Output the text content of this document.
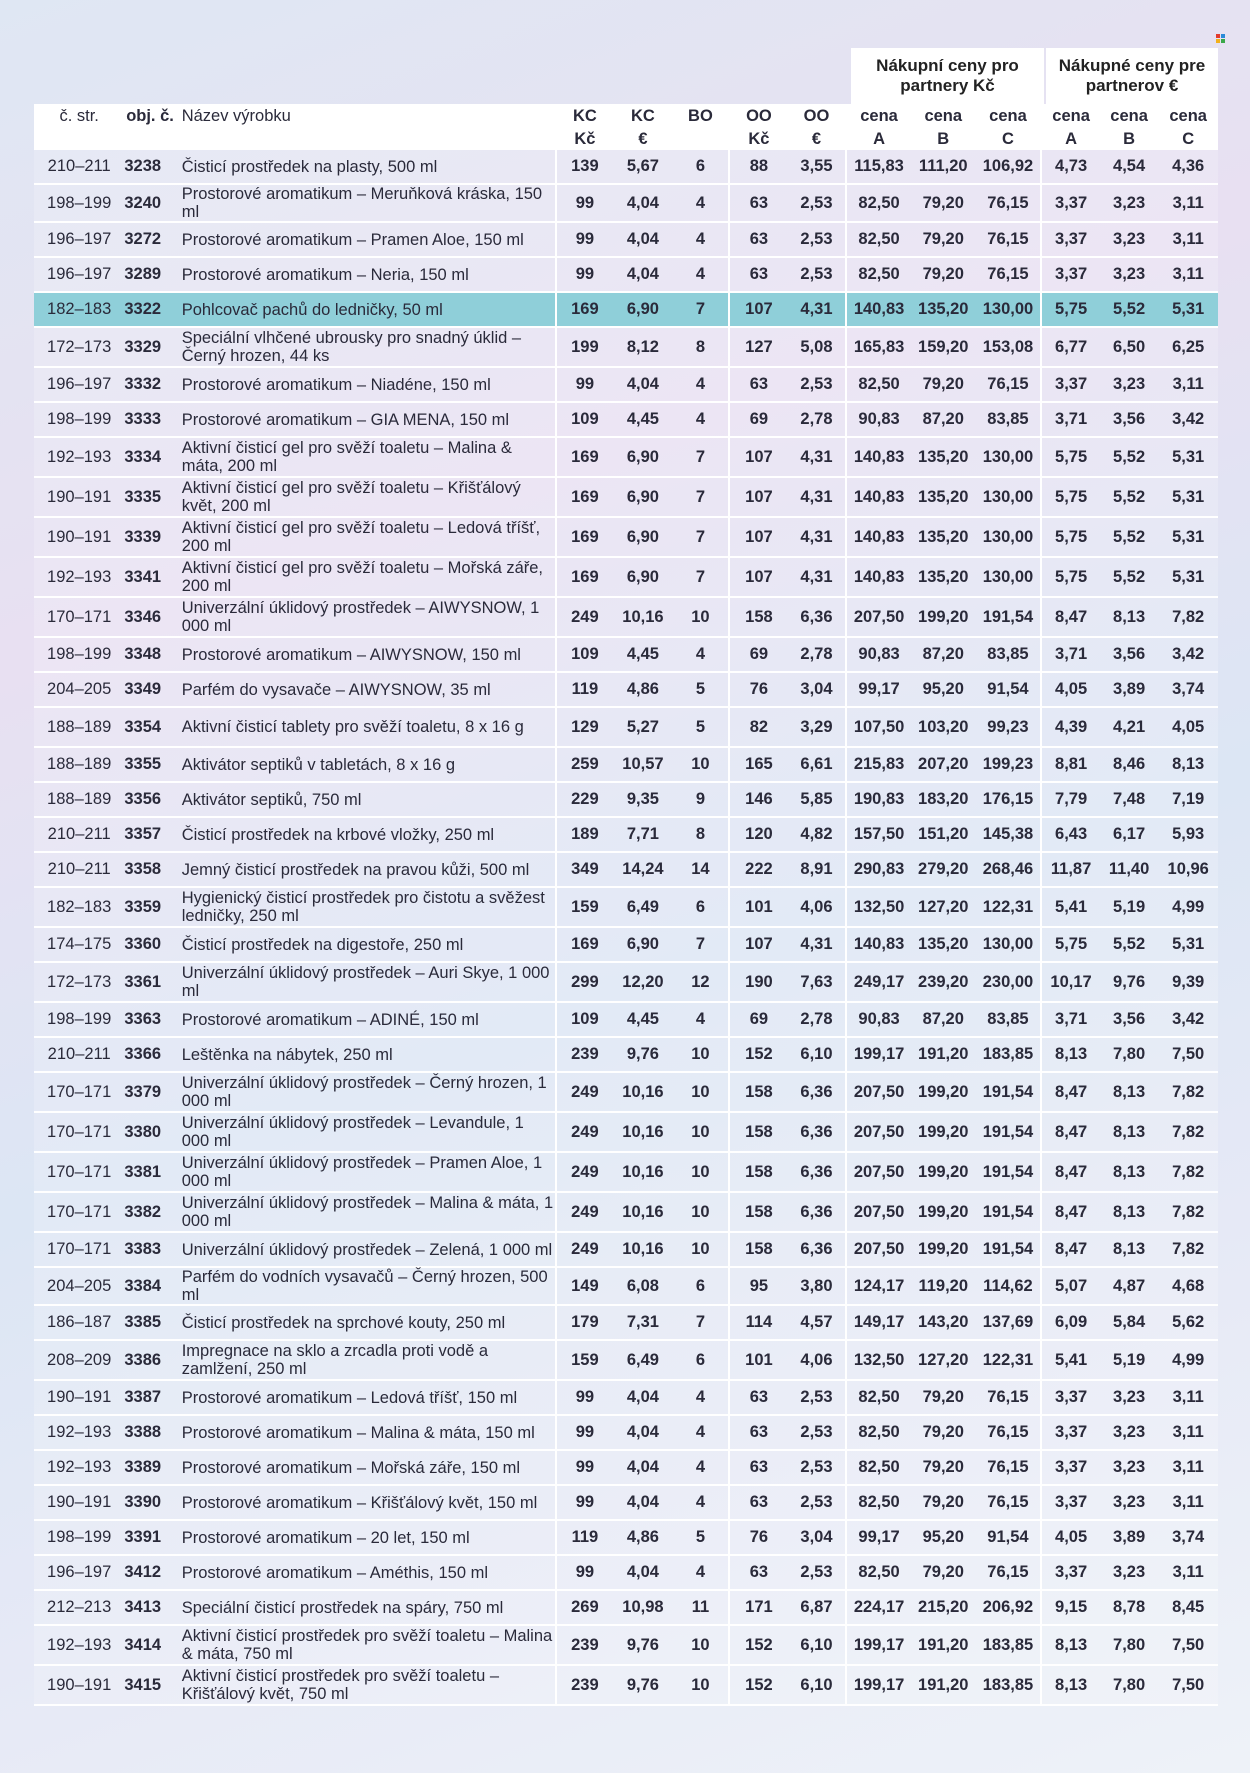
Nákupní ceny pro partnery Kč
Nákupné ceny pre partnerov €
č. str.	obj. č.	Název výrobku	KC	KC	BO	OO	OO	cena	cena	cena	cena	cena	cena
			Kč	€		Kč	€	A	B	C	A	B	C
210–211	3238	Čisticí prostředek na plasty, 500 ml	139	5,67	6	88	3,55	115,83	111,20	106,92	4,73	4,54	4,36
198–199	3240	Prostorové aromatikum – Meruňková kráska, 150 ml	99	4,04	4	63	2,53	82,50	79,20	76,15	3,37	3,23	3,11
196–197	3272	Prostorové aromatikum – Pramen Aloe, 150 ml	99	4,04	4	63	2,53	82,50	79,20	76,15	3,37	3,23	3,11
196–197	3289	Prostorové aromatikum – Neria, 150 ml	99	4,04	4	63	2,53	82,50	79,20	76,15	3,37	3,23	3,11
182–183	3322	Pohlcovač pachů do ledničky, 50 ml	169	6,90	7	107	4,31	140,83	135,20	130,00	5,75	5,52	5,31
172–173	3329	Speciální vlhčené ubrousky pro snadný úklid – Černý hrozen, 44 ks	199	8,12	8	127	5,08	165,83	159,20	153,08	6,77	6,50	6,25
196–197	3332	Prostorové aromatikum – Niadéne, 150 ml	99	4,04	4	63	2,53	82,50	79,20	76,15	3,37	3,23	3,11
198–199	3333	Prostorové aromatikum – GIA MENA, 150 ml	109	4,45	4	69	2,78	90,83	87,20	83,85	3,71	3,56	3,42
192–193	3334	Aktivní čisticí gel pro svěží toaletu – Malina & máta, 200 ml	169	6,90	7	107	4,31	140,83	135,20	130,00	5,75	5,52	5,31
190–191	3335	Aktivní čisticí gel pro svěží toaletu – Křišťálový květ, 200 ml	169	6,90	7	107	4,31	140,83	135,20	130,00	5,75	5,52	5,31
190–191	3339	Aktivní čisticí gel pro svěží toaletu – Ledová tříšť, 200 ml	169	6,90	7	107	4,31	140,83	135,20	130,00	5,75	5,52	5,31
192–193	3341	Aktivní čisticí gel pro svěží toaletu – Mořská záře, 200 ml	169	6,90	7	107	4,31	140,83	135,20	130,00	5,75	5,52	5,31
170–171	3346	Univerzální úklidový prostředek – AIWYSNOW, 1 000 ml	249	10,16	10	158	6,36	207,50	199,20	191,54	8,47	8,13	7,82
198–199	3348	Prostorové aromatikum – AIWYSNOW, 150 ml	109	4,45	4	69	2,78	90,83	87,20	83,85	3,71	3,56	3,42
204–205	3349	Parfém do vysavače – AIWYSNOW, 35 ml	119	4,86	5	76	3,04	99,17	95,20	91,54	4,05	3,89	3,74
188–189	3354	Aktivní čisticí tablety pro svěží toaletu, 8 x 16 g	129	5,27	5	82	3,29	107,50	103,20	99,23	4,39	4,21	4,05
188–189	3355	Aktivátor septiků v tabletách, 8 x 16 g	259	10,57	10	165	6,61	215,83	207,20	199,23	8,81	8,46	8,13
188–189	3356	Aktivátor septiků, 750 ml	229	9,35	9	146	5,85	190,83	183,20	176,15	7,79	7,48	7,19
210–211	3357	Čisticí prostředek na krbové vložky, 250 ml	189	7,71	8	120	4,82	157,50	151,20	145,38	6,43	6,17	5,93
210–211	3358	Jemný čisticí prostředek na pravou kůži, 500 ml	349	14,24	14	222	8,91	290,83	279,20	268,46	11,87	11,40	10,96
182–183	3359	Hygienický čisticí prostředek pro čistotu a svěžest ledničky, 250 ml	159	6,49	6	101	4,06	132,50	127,20	122,31	5,41	5,19	4,99
174–175	3360	Čisticí prostředek na digestoře, 250 ml	169	6,90	7	107	4,31	140,83	135,20	130,00	5,75	5,52	5,31
172–173	3361	Univerzální úklidový prostředek – Auri Skye, 1 000 ml	299	12,20	12	190	7,63	249,17	239,20	230,00	10,17	9,76	9,39
198–199	3363	Prostorové aromatikum – ADINÉ, 150 ml	109	4,45	4	69	2,78	90,83	87,20	83,85	3,71	3,56	3,42
210–211	3366	Leštěnka na nábytek, 250 ml	239	9,76	10	152	6,10	199,17	191,20	183,85	8,13	7,80	7,50
170–171	3379	Univerzální úklidový prostředek – Černý hrozen, 1 000 ml	249	10,16	10	158	6,36	207,50	199,20	191,54	8,47	8,13	7,82
170–171	3380	Univerzální úklidový prostředek – Levandule, 1 000 ml	249	10,16	10	158	6,36	207,50	199,20	191,54	8,47	8,13	7,82
170–171	3381	Univerzální úklidový prostředek – Pramen Aloe, 1 000 ml	249	10,16	10	158	6,36	207,50	199,20	191,54	8,47	8,13	7,82
170–171	3382	Univerzální úklidový prostředek – Malina & máta, 1 000 ml	249	10,16	10	158	6,36	207,50	199,20	191,54	8,47	8,13	7,82
170–171	3383	Univerzální úklidový prostředek – Zelená, 1 000 ml	249	10,16	10	158	6,36	207,50	199,20	191,54	8,47	8,13	7,82
204–205	3384	Parfém do vodních vysavačů – Černý hrozen, 500 ml	149	6,08	6	95	3,80	124,17	119,20	114,62	5,07	4,87	4,68
186–187	3385	Čisticí prostředek na sprchové kouty, 250 ml	179	7,31	7	114	4,57	149,17	143,20	137,69	6,09	5,84	5,62
208–209	3386	Impregnace na sklo a zrcadla proti vodě a zamlžení, 250 ml	159	6,49	6	101	4,06	132,50	127,20	122,31	5,41	5,19	4,99
190–191	3387	Prostorové aromatikum – Ledová tříšť, 150 ml	99	4,04	4	63	2,53	82,50	79,20	76,15	3,37	3,23	3,11
192–193	3388	Prostorové aromatikum – Malina & máta, 150 ml	99	4,04	4	63	2,53	82,50	79,20	76,15	3,37	3,23	3,11
192–193	3389	Prostorové aromatikum – Mořská záře, 150 ml	99	4,04	4	63	2,53	82,50	79,20	76,15	3,37	3,23	3,11
190–191	3390	Prostorové aromatikum – Křišťálový květ, 150 ml	99	4,04	4	63	2,53	82,50	79,20	76,15	3,37	3,23	3,11
198–199	3391	Prostorové aromatikum – 20 let, 150 ml	119	4,86	5	76	3,04	99,17	95,20	91,54	4,05	3,89	3,74
196–197	3412	Prostorové aromatikum – Améthis, 150 ml	99	4,04	4	63	2,53	82,50	79,20	76,15	3,37	3,23	3,11
212–213	3413	Speciální čisticí prostředek na spáry, 750 ml	269	10,98	11	171	6,87	224,17	215,20	206,92	9,15	8,78	8,45
192–193	3414	Aktivní čisticí prostředek pro svěží toaletu – Malina & máta, 750 ml	239	9,76	10	152	6,10	199,17	191,20	183,85	8,13	7,80	7,50
190–191	3415	Aktivní čisticí prostředek pro svěží toaletu – Křišťálový květ, 750 ml	239	9,76	10	152	6,10	199,17	191,20	183,85	8,13	7,80	7,50
